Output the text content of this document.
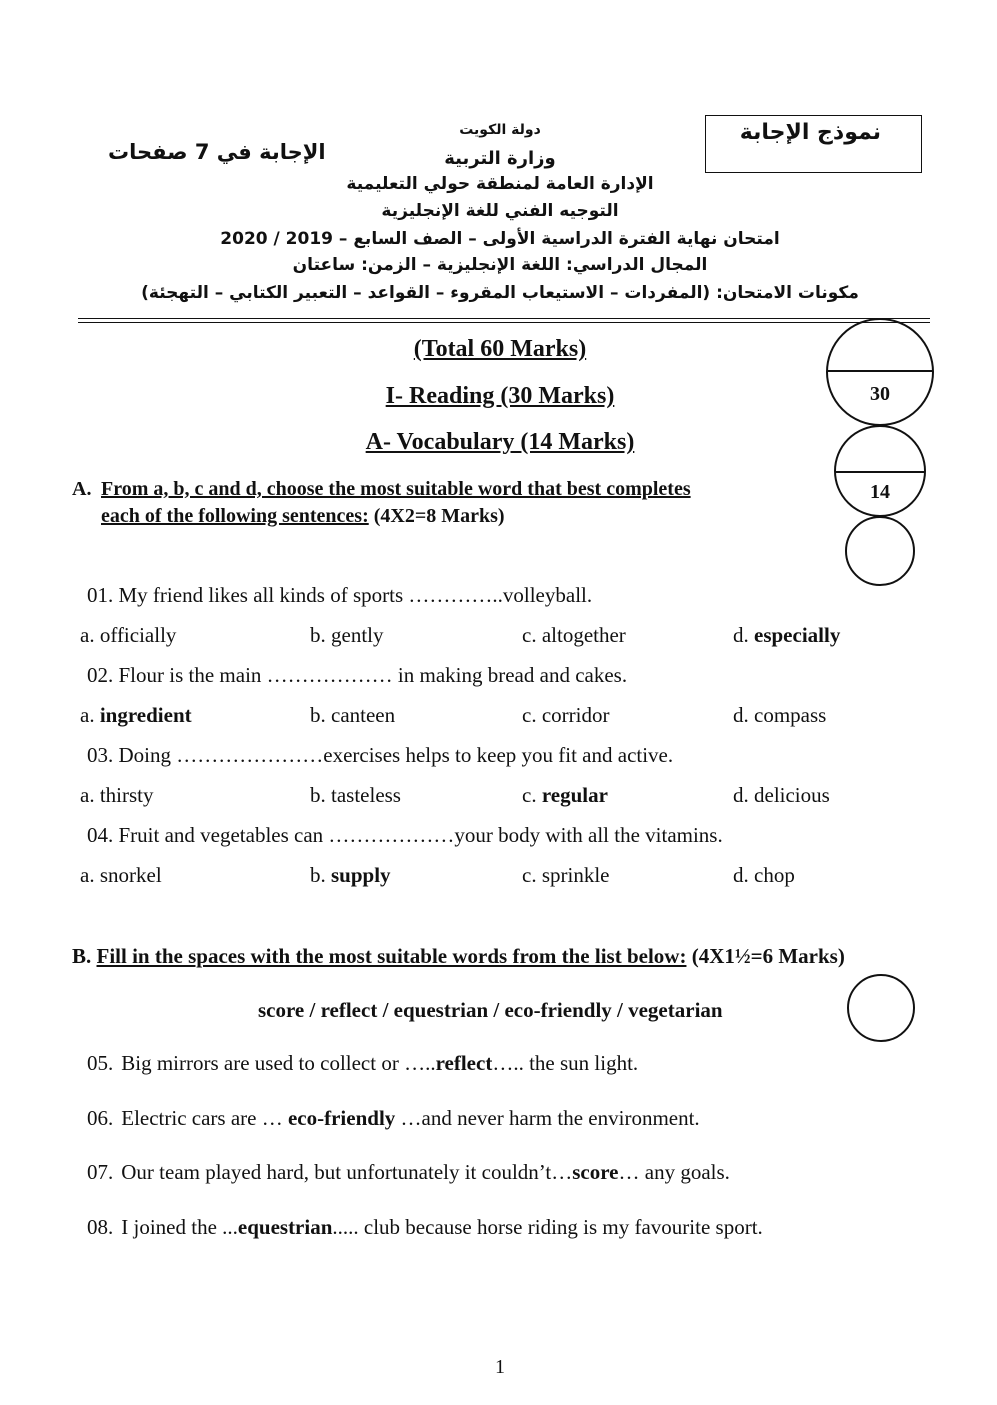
نموذج الإجابة
الإجابة في 7 صفحات
دولة الكويت
وزارة التربية
الإدارة العامة لمنطقة حولي التعليمية
التوجيه الفني للغة الإنجليزية
امتحان نهاية الفترة الدراسية الأولى – الصف السابع – 2019 / 2020
المجال الدراسي: اللغة الإنجليزية – الزمن: ساعتان
مكونات الامتحان: (المفردات – الاستيعاب المقروء – القواعد – التعبير الكتابي – التهجئة)
(Total 60 Marks)
I- Reading (30 Marks)
A- Vocabulary (14 Marks)
30
14
A. From a, b, c and d, choose the most suitable word that best completes
each of the following sentences: (4X2=8 Marks)
01. My friend likes all kinds of sports …………..volleyball.
a. officially	b. gently	c. altogether	d. especially
02. Flour is the main ……………… in making bread and cakes.
a. ingredient	b. canteen	c. corridor	d. compass
03. Doing …………………exercises helps to keep you fit and active.
a. thirsty	b. tasteless	c. regular	d. delicious
04. Fruit and vegetables can ………………your body with all the vitamins.
a. snorkel	b. supply	c. sprinkle	d. chop
B. Fill in the spaces with the most suitable words from the list below: (4X1½=6 Marks)
score / reflect / equestrian / eco-friendly / vegetarian
05. Big mirrors are used to collect or …..reflect….. the sun light.
06. Electric cars are … eco-friendly …and never harm the environment.
07. Our team played hard, but unfortunately it couldn’t…score… any goals.
08. I joined the ...equestrian..... club because horse riding is my favourite sport.
1
